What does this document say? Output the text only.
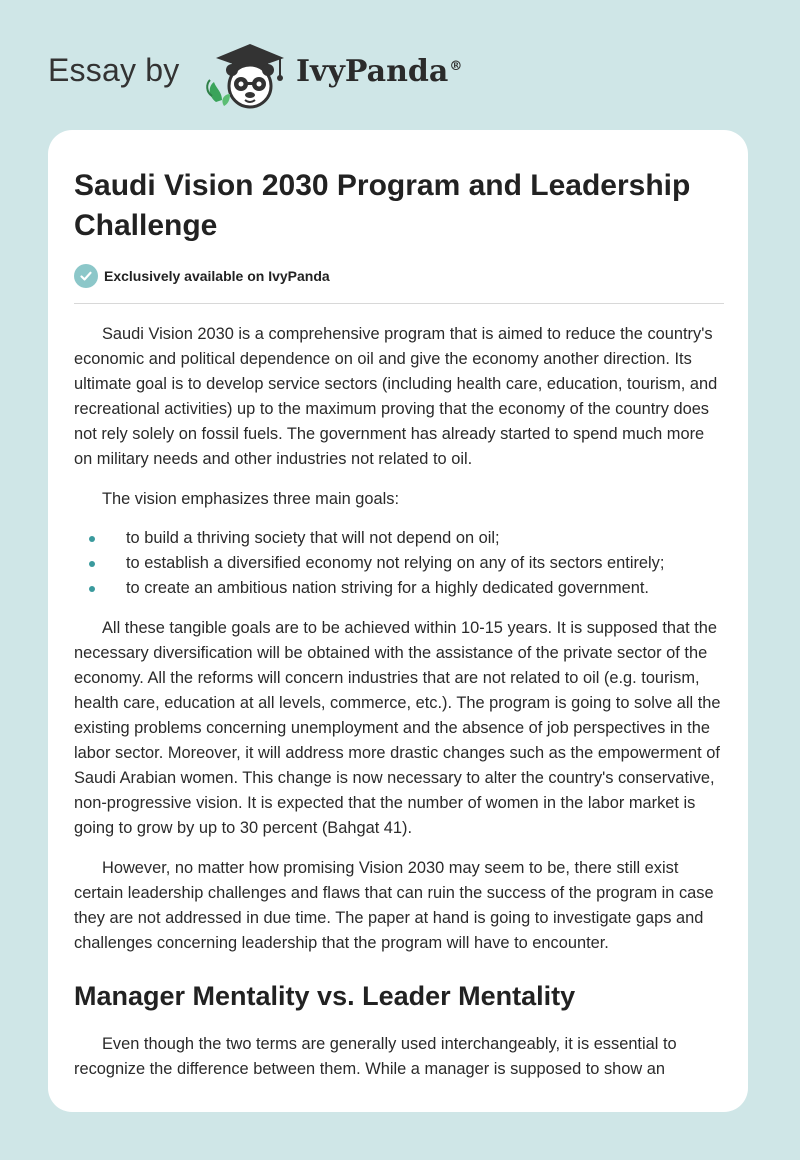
Essay by	IvyPanda®
Saudi Vision 2030 Program and Leadership Challenge
Exclusively available on IvyPanda

Saudi Vision 2030 is a comprehensive program that is aimed to reduce the country's economic and political dependence on oil and give the economy another direction. Its ultimate goal is to develop service sectors (including health care, education, tourism, and recreational activities) up to the maximum proving that the economy of the country does not rely solely on fossil fuels. The government has already started to spend much more on military needs and other industries not related to oil.

The vision emphasizes three main goals:

to build a thriving society that will not depend on oil;
to establish a diversified economy not relying on any of its sectors entirely;
to create an ambitious nation striving for a highly dedicated government.

All these tangible goals are to be achieved within 10-15 years. It is supposed that the necessary diversification will be obtained with the assistance of the private sector of the economy. All the reforms will concern industries that are not related to oil (e.g. tourism, health care, education at all levels, commerce, etc.). The program is going to solve all the existing problems concerning unemployment and the absence of job perspectives in the labor sector. Moreover, it will address more drastic changes such as the empowerment of Saudi Arabian women. This change is now necessary to alter the country's conservative, non-progressive vision. It is expected that the number of women in the labor market is going to grow by up to 30 percent (Bahgat 41).

However, no matter how promising Vision 2030 may seem to be, there still exist certain leadership challenges and flaws that can ruin the success of the program in case they are not addressed in due time. The paper at hand is going to investigate gaps and challenges concerning leadership that the program will have to encounter.

Manager Mentality vs. Leader Mentality

Even though the two terms are generally used interchangeably, it is essential to recognize the difference between them. While a manager is supposed to show an
